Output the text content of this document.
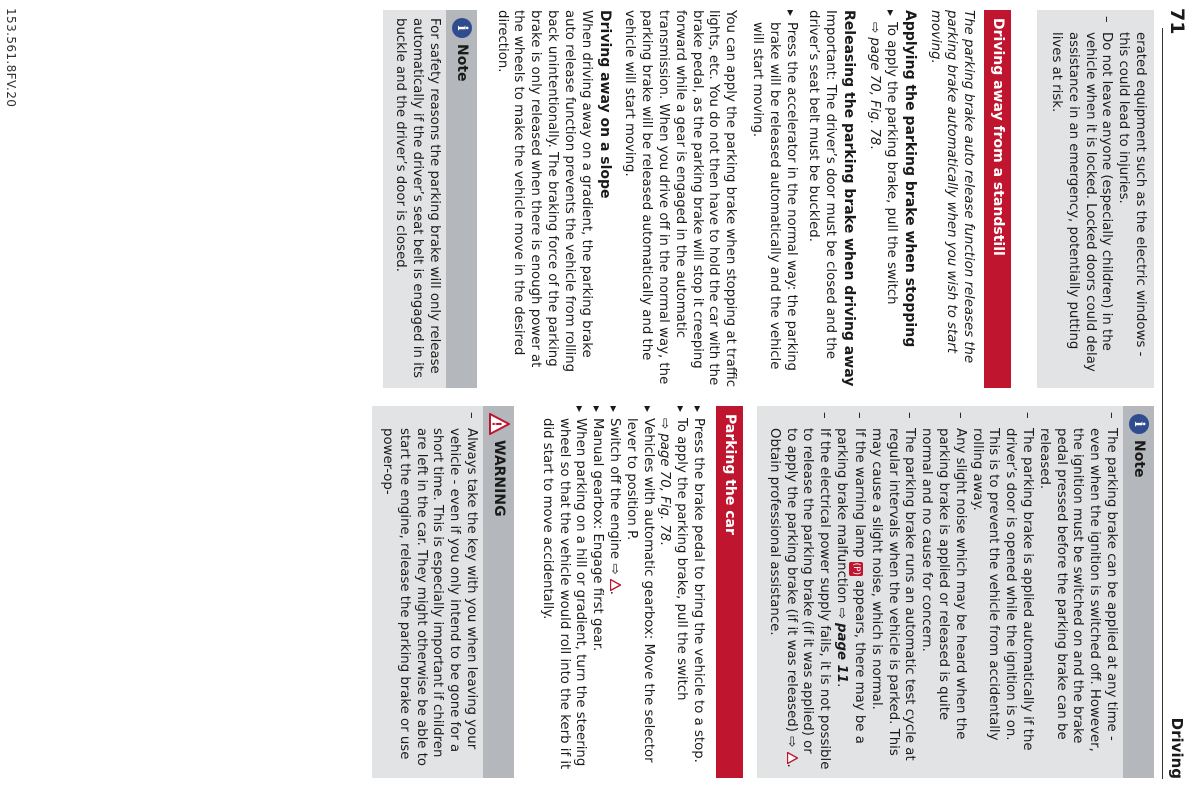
153.561.8FV.20
Driving
71
i
Note
– The parking brake can be applied at any time - even when the ignition is switched off. However, the ignition must be switched on and the brake pedal pressed before the parking brake can be released.
– The parking brake is applied automatically if the driver’s door is opened while the ignition is on. This is to prevent the vehicle from accidentally rolling away.
– Any slight noise which may be heard when the parking brake is applied or released is quite normal and no cause for concern.
– The parking brake runs an automatic test cycle at regular intervals when the vehicle is parked. This may cause a slight noise, which is normal.
– If the warning lamp (P) appears, there may be a parking brake malfunction ⇨ page 11.
– If the electrical power supply fails, it is not possible to release the parking brake (if it was applied) or to apply the parking brake (if it was released) ⇨ . Obtain professional assistance.
Parking the car
▸ Press the brake pedal to bring the vehicle to a stop.
▸ To apply the parking brake, pull the switch
⇨ page 70, Fig. 78.
▸ Vehicles with automatic gearbox: Move the selector lever to position P.
▸ Switch off the engine ⇨ .
▸ Manual gearbox: Engage first gear.
▸ When parking on a hill or gradient, turn the steering wheel so that the vehicle would roll into the kerb if it did start to move accidentally.
!
WARNING
– Always take the key with you when leaving your vehicle - even if you only intend to be gone for a short time. This is especially important if children are left in the car. They might otherwise be able to start the engine, release the parking brake or use power-op-
erated equipment such as the electric windows - this could lead to injuries.
– Do not leave anyone (especially children) in the vehicle when it is locked. Locked doors could delay assistance in an emergency, potentially putting lives at risk.
Driving away from a standstill

The parking brake auto release function releases the parking brake automatically when you wish to start moving.

Applying the parking brake when stopping
▸ To apply the parking brake, pull the switch
⇨ page 70, Fig. 78.
Releasing the parking brake when driving away

Important: The driver’s door must be closed and the driver’s seat belt must be buckled.

▸ Press the accelerator in the normal way: the parking brake will be released automatically and the vehicle will start moving.

You can apply the parking brake when stopping at traffic lights, etc. You do not then have to hold the car with the brake pedal, as the parking brake will stop it creeping forward while a gear is engaged in the automatic transmission. When you drive off in the normal way, the parking brake will be released automatically and the vehicle will start moving.

Driving away on a slope

When driving away on a gradient, the parking brake auto release function prevents the vehicle from rolling back unintentionally. The braking force of the parking brake is only released when there is enough power at the wheels to make the vehicle move in the desired direction.

i
Note

For safety reasons the parking brake will only release automatically if the driver’s seat belt is engaged in its buckle and the driver’s door is closed.
